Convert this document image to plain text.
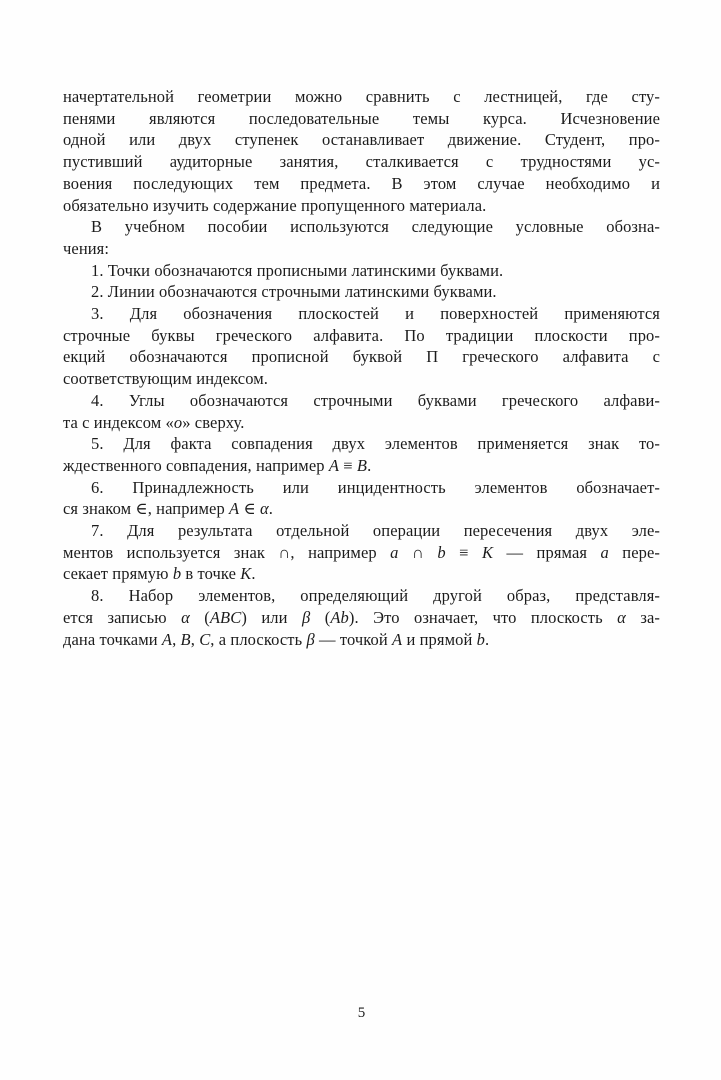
начертательной геометрии можно сравнить с лестницей, где сту-
пенями являются последовательные темы курса. Исчезновение
одной или двух ступенек останавливает движение. Студент, про-
пустивший аудиторные занятия, сталкивается с трудностями ус-
воения последующих тем предмета. В этом случае необходимо и
обязательно изучить содержание пропущенного материала.
В учебном пособии используются следующие условные обозна-
чения:
1. Точки обозначаются прописными латинскими буквами.
2. Линии обозначаются строчными латинскими буквами.
3. Для обозначения плоскостей и поверхностей применяются
строчные буквы греческого алфавита. По традиции плоскости про-
екций обозначаются прописной буквой П греческого алфавита с
соответствующим индексом.
4. Углы обозначаются строчными буквами греческого алфави-
та с индексом «о» сверху.
5. Для факта совпадения двух элементов применяется знак то-
ждественного совпадения, например A ≡ B.
6. Принадлежность или инцидентность элементов обозначает-
ся знаком ∈, например A ∈ α.
7. Для результата отдельной операции пересечения двух эле-
ментов используется знак ∩, например a ∩ b ≡ K — прямая a пере-
секает прямую b в точке K.
8. Набор элементов, определяющий другой образ, представля-
ется записью α (ABC) или β (Ab). Это означает, что плоскость α за-
дана точками A, B, C, а плоскость β — точкой A и прямой b.
5
